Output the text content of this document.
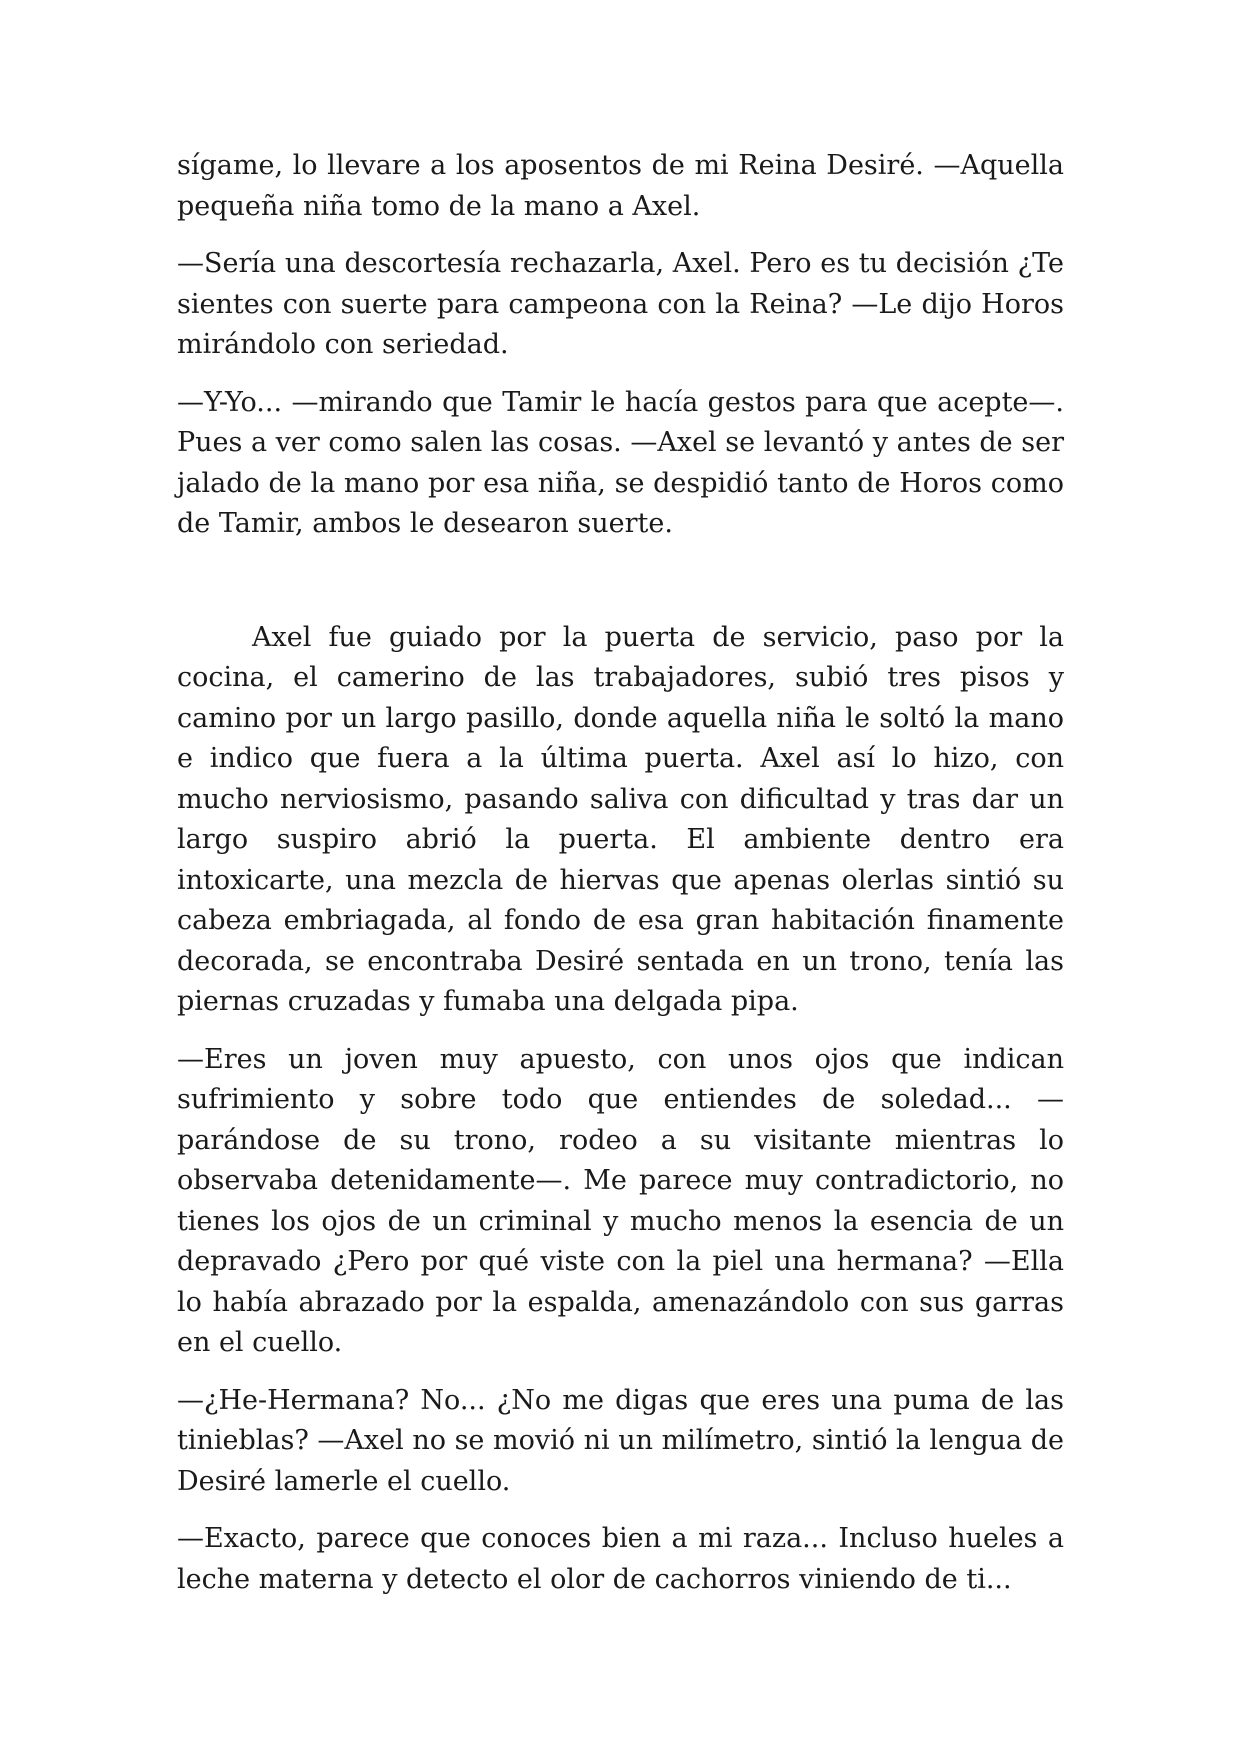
sígame, lo llevare a los aposentos de mi Reina Desiré. —Aquella pequeña niña tomo de la mano a Axel.

—Sería una descortesía rechazarla, Axel. Pero es tu decisión ¿Te sientes con suerte para campeona con la Reina? —Le dijo Horos mirándolo con seriedad.

—Y-Yo... —mirando que Tamir le hacía gestos para que acepte—. Pues a ver como salen las cosas. —Axel se levantó y antes de ser jalado de la mano por esa niña, se despidió tanto de Horos como de Tamir, ambos le desearon suerte.

Axel fue guiado por la puerta de servicio, paso por la cocina, el camerino de las trabajadores, subió tres pisos y camino por un largo pasillo, donde aquella niña le soltó la mano e indico que fuera a la última puerta. Axel así lo hizo, con mucho nerviosismo, pasando saliva con dificultad y tras dar un largo suspiro abrió la puerta. El ambiente dentro era intoxicarte, una mezcla de hiervas que apenas olerlas sintió su cabeza embriagada, al fondo de esa gran habitación finamente decorada, se encontraba Desiré sentada en un trono, tenía las piernas cruzadas y fumaba una delgada pipa.

—Eres un joven muy apuesto, con unos ojos que indican sufrimiento y sobre todo que entiendes de soledad... —parándose de su trono, rodeo a su visitante mientras lo observaba detenidamente—. Me parece muy contradictorio, no tienes los ojos de un criminal y mucho menos la esencia de un depravado ¿Pero por qué viste con la piel una hermana? —Ella lo había abrazado por la espalda, amenazándolo con sus garras en el cuello.

—¿He-Hermana? No... ¿No me digas que eres una puma de las tinieblas? —Axel no se movió ni un milímetro, sintió la lengua de Desiré lamerle el cuello.

—Exacto, parece que conoces bien a mi raza... Incluso hueles a leche materna y detecto el olor de cachorros viniendo de ti...
